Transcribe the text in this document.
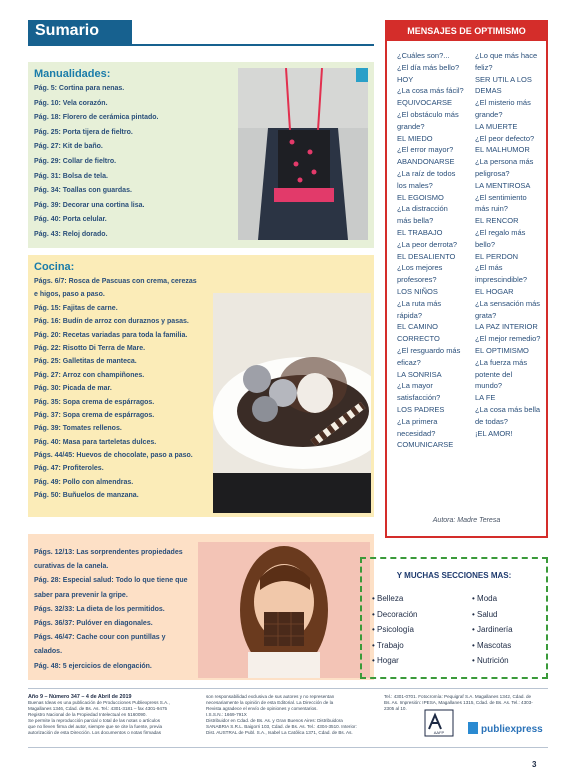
Sumario
Manualidades:
Pág. 5: Cortina para nenas.
Pág. 10: Vela corazón.
Pág. 18: Florero de cerámica pintado.
Pág. 25: Porta tijera de fieltro.
Pág. 27: Kit de baño.
Pág. 29: Collar de fieltro.
Pág. 31: Bolsa de tela.
Pág. 34: Toallas con guardas.
Pág. 39: Decorar una cortina lisa.
Pág. 40: Porta celular.
Pág. 43: Reloj dorado.
Cocina:
Págs. 6/7: Rosca de Pascuas con crema, cerezas
e higos, paso a paso.
Pág. 15: Fajitas de carne.
Pág. 16: Budín de arroz con duraznos y pasas.
Pág. 20: Recetas variadas para toda la familia.
Pág. 22: Risotto Di Terra de Mare.
Pág. 25: Galletitas de manteca.
Pág. 27: Arroz con champiñones.
Pág. 30: Picada de mar.
Pág. 35: Sopa crema de espárragos.
Pág. 37: Sopa crema de espárragos.
Pág. 39: Tomates rellenos.
Pág. 40: Masa para tarteletas dulces.
Págs. 44/45: Huevos de chocolate, paso a paso.
Pág. 47: Profiteroles.
Pág. 49: Pollo con almendras.
Pág. 50: Buñuelos de manzana.
Págs. 12/13: Las sorprendentes propiedades
curativas de la canela.
Pág. 28: Especial salud: Todo lo que tiene que
saber para prevenir la gripe.
Págs. 32/33: La dieta de los permitidos.
Págs. 36/37: Pulóver en diagonales.
Págs. 46/47: Cache cour con puntillas y
calados.
Pág. 48: 5 ejercicios de elongación.
MENSAJES DE OPTIMISMO
¿Cuáles son?...
¿El día más bello?
HOY
¿La cosa más fácil?
EQUIVOCARSE
¿El obstáculo más
grande?
EL MIEDO
¿El error mayor?
ABANDONARSE
¿La raíz de todos
los males?
EL EGOISMO
¿La distracción
más bella?
EL TRABAJO
¿La peor derrota?
EL DESALIENTO
¿Los mejores
profesores?
LOS NIÑOS
¿La ruta más
rápida?
EL CAMINO
CORRECTO
¿El resguardo más
eficaz?
LA SONRISA
¿La mayor
satisfacción?
LOS PADRES
¿La primera
necesidad?
COMUNICARSE
¿Lo que más hace
feliz?
SER UTIL A LOS
DEMAS
¿El misterio más
grande?
LA MUERTE
¿El peor defecto?
EL MALHUMOR
¿La persona más
peligrosa?
LA MENTIROSA
¿El sentimiento
más ruin?
EL RENCOR
¿El regalo más
bello?
EL PERDON
¿El más
imprescindible?
EL HOGAR
¿La sensación más
grata?
LA PAZ INTERIOR
¿El mejor remedio?
EL OPTIMISMO
¿La fuerza más
potente del
mundo?
LA FE
¿La cosa más bella
de todas?
¡EL AMOR!
Autora: Madre Teresa
Y MUCHAS SECCIONES MAS:
• Belleza
• Decoración
• Psicología
• Trabajo
• Hogar
• Moda
• Salud
• Jardinería
• Mascotas
• Nutrición
Año 9 – Número 347 – 4 de Abril de 2019
Buenas Ideas es una publicación de Producciones Publiexpress S.A.,
Magallanes 1346, Cdad. de Bs. As. Tel.: 4301-3181 – fax 4301-9475
Registro Nacional de la Propiedad Intelectual en 5160090.
Se permite la reproducción parcial o total de las notas o artículos
que no lleven firma del autor, siempre que se cite la fuente, previa
autorización de esta Dirección. Los documentos o notas firmadas
son responsabilidad exclusiva de sus autores y no representan
necesariamente la opinión de esta Editorial. La Dirección de la
Revista agradece el envío de opiniones y comentarios.
I.S.S.N.: 1669-791X
Distribuidor en Cdad. de Bs. As. y Gran Buenos Aires: Distribuidora
SANABRIA S.R.L. Baigorri 103, Cdad. de Bs. As. Tel.: 4304-3510. Interior:
Dist. AUSTRAL de Publ. S.A., Isabel La Católica 1371, Cdad. de Bs. As.
Tel.: 4301-0701. Fotocromía: Pequigraf S.A. Magallanes 1342, Cdad. de
Bs. As. Impresión: IPESA, Magallanes 1315, Cdad. de Bs. As. Tel.: 4303-
2305 al 10.
AAFP	publiexpress
3
